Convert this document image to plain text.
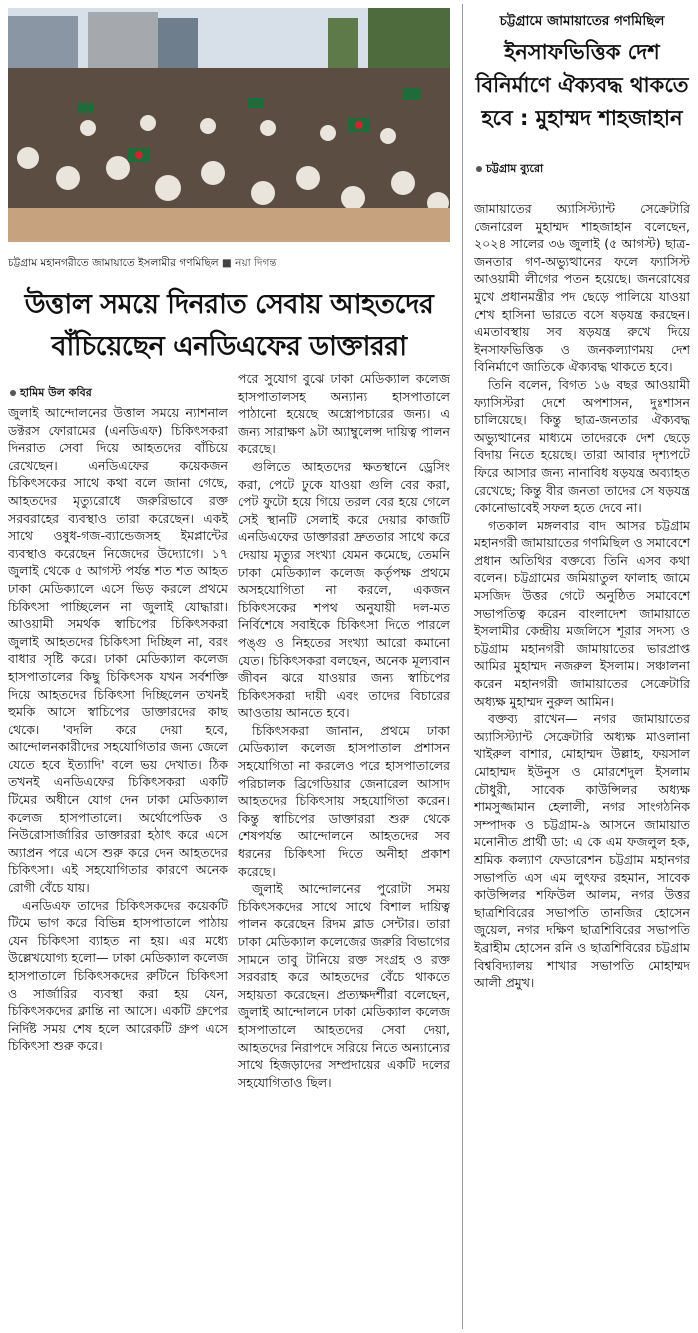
চট্টগ্রাম মহানগরীতে জামায়াতে ইসলামীর গণমিছিল ■ নয়া দিগন্ত
উত্তাল সময়ে দিনরাত সেবায় আহতদের
বাঁচিয়েছেন এনডিএফের ডাক্তাররা
হামিম উল কবির

জুলাই আন্দোলনের উত্তাল সময়ে ন্যাশনাল ডক্টরস ফোরামের (এনডিএফ) চিকিৎসকরা দিনরাত সেবা দিয়ে আহতদের বাঁচিয়ে রেখেছেন। এনডিএফের কয়েকজন চিকিৎসকের সাথে কথা বলে জানা গেছে, আহতদের মৃত্যুরোধে জরুরিভাবে রক্ত সরবরাহের ব্যবস্থাও তারা করেছেন। একই সাথে ওষুধ-গজ-ব্যান্ডেজসহ ইমপ্লান্টের ব্যবস্থাও করেছেন নিজেদের উদ্যোগে। ১৭ জুলাই থেকে ৫ আগস্ট পর্যন্ত শত শত আহত ঢাকা মেডিক্যালে এসে ভিড় করলে প্রথমে চিকিৎসা পাচ্ছিলেন না জুলাই যোদ্ধারা। আওয়ামী সমর্থক স্বাচিপের চিকিৎসকরা জুলাই আহতদের চিকিৎসা দিচ্ছিল না, বরং বাধার সৃষ্টি করে। ঢাকা মেডিক্যাল কলেজ হাসপাতালের কিছু চিকিৎসক যখন সর্বশক্তি দিয়ে আহতদের চিকিৎসা দিচ্ছিলেন তখনই হুমকি আসে স্বাচিপের ডাক্তারদের কাছ থেকে। 'বদলি করে দেয়া হবে, আন্দোলনকারীদের সহযোগিতার জন্য জেলে যেতে হবে ইত্যাদি' বলে ভয় দেখাত। ঠিক তখনই এনডিএফের চিকিৎসকরা একটি টিমের অধীনে যোগ দেন ঢাকা মেডিক্যাল কলেজ হাসপাতালে। অর্থোপেডিক ও নিউরোসার্জারির ডাক্তাররা হঠাৎ করে এসে অ্যাপ্রন পরে এসে শুরু করে দেন আহতদের চিকিৎসা। এই সহযোগিতার কারণে অনেক রোগী বেঁচে যায়।

এনডিএফ তাদের চিকিৎসকদের কয়েকটি টিমে ভাগ করে বিভিন্ন হাসপাতালে পাঠায় যেন চিকিৎসা ব্যাহত না হয়। এর মধ্যে উল্লেখযোগ্য হলো— ঢাকা মেডিক্যাল কলেজ হাসপাতালে চিকিৎসকদের রুটিনে চিকিৎসা ও সার্জারির ব্যবস্থা করা হয় যেন, চিকিৎসকদের ক্লান্তি না আসে। একটি গ্রুপের নির্দিষ্ট সময় শেষ হলে আরেকটি গ্রুপ এসে চিকিৎসা শুরু করে।

পরে সুযোগ বুঝে ঢাকা মেডিক্যাল কলেজ হাসপাতালসহ অন্যান্য হাসপাতালে পাঠানো হয়েছে অস্ত্রোপচারের জন্য। এ জন্য সারাক্ষণ ৯টা অ্যাম্বুলেন্স দায়িত্ব পালন করেছে।

গুলিতে আহতদের ক্ষতস্থানে ড্রেসিং করা, পেটে ঢুকে যাওয়া গুলি বের করা, পেট ফুটো হয়ে গিয়ে তরল বের হয়ে গেলে সেই স্থানটি সেলাই করে দেয়ার কাজটি এনডিএফের ডাক্তাররা দ্রুততার সাথে করে দেয়ায় মৃত্যুর সংখ্যা যেমন কমেছে, তেমনি ঢাকা মেডিক্যাল কলেজ কর্তৃপক্ষ প্রথমে অসহযোগিতা না করলে, একজন চিকিৎসকের শপথ অনুযায়ী দল-মত নির্বিশেষে সবাইকে চিকিৎসা দিতে পারলে পঙ্গু ও নিহতের সংখ্যা আরো কমানো যেত। চিকিৎসকরা বলছেন, অনেক মূল্যবান জীবন ঝরে যাওয়ার জন্য স্বাচিপের চিকিৎসকরা দায়ী এবং তাদের বিচারের আওতায় আনতে হবে।

চিকিৎসকরা জানান, প্রথমে ঢাকা মেডিক্যাল কলেজ হাসপাতাল প্রশাসন সহযোগিতা না করলেও পরে হাসপাতালের পরিচালক ব্রিগেডিয়ার জেনারেল আসাদ আহতদের চিকিৎসায় সহযোগিতা করেন। কিন্তু স্বাচিপের ডাক্তাররা শুরু থেকে শেষপর্যন্ত আন্দোলনে আহতদের সব ধরনের চিকিৎসা দিতে অনীহা প্রকাশ করেছে।

জুলাই আন্দোলনের পুরোটা সময় চিকিৎসকদের সাথে সাথে বিশাল দায়িত্ব পালন করেছেন রিদম ব্লাড সেন্টার। তারা ঢাকা মেডিক্যাল কলেজের জরুরি বিভাগের সামনে তাবু টানিয়ে রক্ত সংগ্রহ ও রক্ত সরবরাহ করে আহতদের বেঁচে থাকতে সহায়তা করেছেন। প্রত্যক্ষদর্শীরা বলেছেন, জুলাই আন্দোলনে ঢাকা মেডিক্যাল কলেজ হাসপাতালে আহতদের সেবা দেয়া, আহতদের নিরাপদে সরিয়ে নিতে অন্যান্যের সাথে হিজড়াদের সম্প্রদায়ের একটি দলের সহযোগিতাও ছিল।

চট্টগ্রামে জামায়াতের গণমিছিল
ইনসাফভিত্তিক দেশ
বিনির্মাণে ঐক্যবদ্ধ থাকতে
হবে : মুহাম্মদ শাহজাহান
চট্টগ্রাম ব্যুরো

জামায়াতের অ্যাসিস্ট্যান্ট সেক্রেটারি জেনারেল মুহাম্মদ শাহজাহান বলেছেন, ২০২৪ সালের ৩৬ জুলাই (৫ আগস্ট) ছাত্র-জনতার গণ-অভ্যুত্থানের ফলে ফ্যাসিস্ট আওয়ামী লীগের পতন হয়েছে। জনরোষের মুখে প্রধানমন্ত্রীর পদ ছেড়ে পালিয়ে যাওয়া শেখ হাসিনা ভারতে বসে ষড়যন্ত্র করছেন। এমতাবস্থায় সব ষড়যন্ত্র রুখে দিয়ে ইনসাফভিত্তিক ও জনকল্যাণময় দেশ বিনির্মাণে জাতিকে ঐক্যবদ্ধ থাকতে হবে।

তিনি বলেন, বিগত ১৬ বছর আওয়ামী ফ্যাসিস্টরা দেশে অপশাসন, দুঃশাসন চালিয়েছে। কিন্তু ছাত্র-জনতার ঐক্যবদ্ধ অভ্যুত্থানের মাধ্যমে তাদেরকে দেশ ছেড়ে বিদায় নিতে হয়েছে। তারা আবার দৃশ্যপটে ফিরে আসার জন্য নানাবিধ ষড়যন্ত্র অব্যাহত রেখেছে; কিন্তু বীর জনতা তাদের সে ষড়যন্ত্র কোনোভাবেই সফল হতে দেবে না।

গতকাল মঙ্গলবার বাদ আসর চট্টগ্রাম মহানগরী জামায়াতের গণমিছিল ও সমাবেশে প্রধান অতিথির বক্তব্যে তিনি এসব কথা বলেন। চট্টগ্রামের জমিয়াতুল ফালাহ জামে মসজিদ উত্তর গেটে অনুষ্ঠিত সমাবেশে সভাপতিত্ব করেন বাংলাদেশ জামায়াতে ইসলামীর কেন্দ্রীয় মজলিসে শূরার সদস্য ও চট্টগ্রাম মহানগরী জামায়াতের ভারপ্রাপ্ত আমির মুহাম্মদ নজরুল ইসলাম। সঞ্চালনা করেন মহানগরী জামায়াতের সেক্রেটারি অধ্যক্ষ মুহাম্মদ নুরুল আমিন।

বক্তব্য রাখেন— নগর জামায়াতের অ্যাসিস্ট্যান্ট সেক্রেটারি অধ্যক্ষ মাওলানা খাইরুল বাশার, মোহাম্মদ উল্লাহ, ফয়সাল মোহাম্মদ ইউনুস ও মোরশেদুল ইসলাম চৌধুরী, সাবেক কাউন্সিলর অধ্যক্ষ শামসুজ্জামান হেলালী, নগর সাংগঠনিক সম্পাদক ও চট্টগ্রাম-৯ আসনে জামায়াত মনোনীত প্রার্থী ডা: এ কে এম ফজলুল হক, শ্রমিক কল্যাণ ফেডারেশন চট্টগ্রাম মহানগর সভাপতি এস এম লুৎফর রহমান, সাবেক কাউন্সিলর শফিউল আলম, নগর উত্তর ছাত্রশিবিরের সভাপতি তানজির হোসেন জুয়েল, নগর দক্ষিণ ছাত্রশিবিরের সভাপতি ইব্রাহীম হোসেন রনি ও ছাত্রশিবিরের চট্টগ্রাম বিশ্ববিদ্যালয় শাখার সভাপতি মোহাম্মদ আলী প্রমুখ।
